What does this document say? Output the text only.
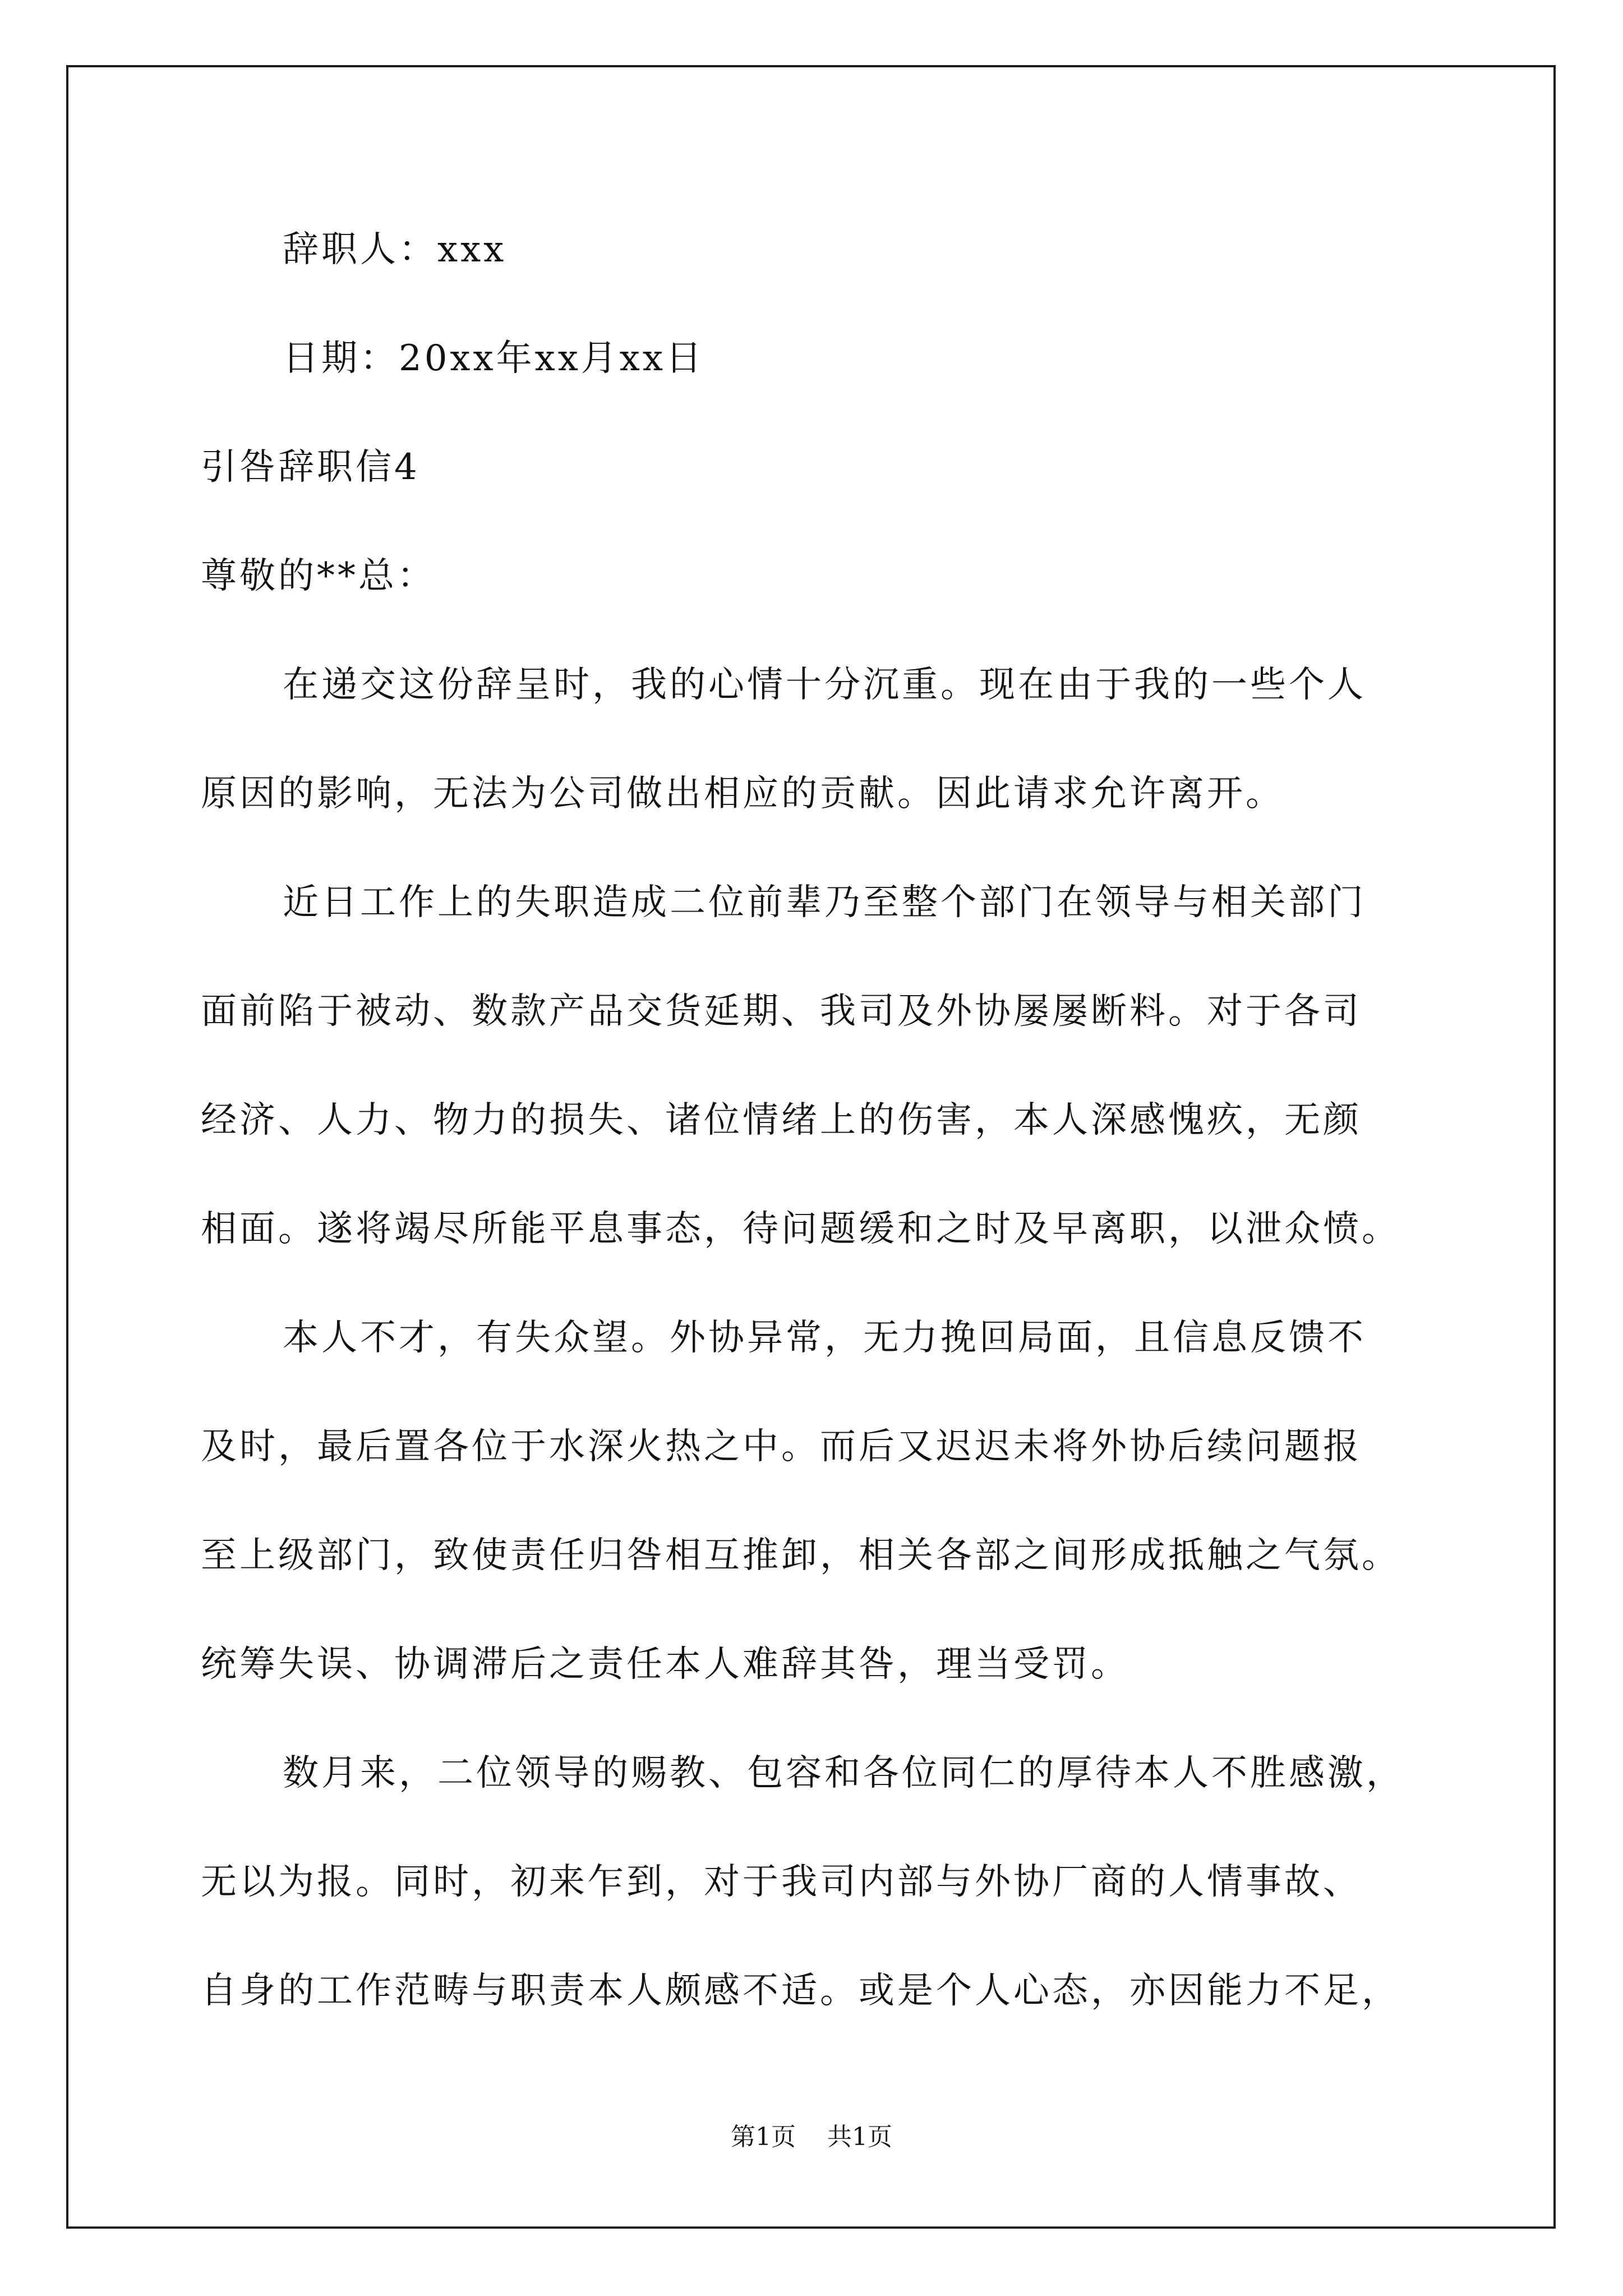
辞职人：xxx

日期：20xx年xx月xx日

引咎辞职信4

尊敬的**总：

在递交这份辞呈时，我的心情十分沉重。现在由于我的一些个人

原因的影响，无法为公司做出相应的贡献。因此请求允许离开。

近日工作上的失职造成二位前辈乃至整个部门在领导与相关部门

面前陷于被动、数款产品交货延期、我司及外协屡屡断料。对于各司

经济、人力、物力的损失、诸位情绪上的伤害，本人深感愧疚，无颜

相面。遂将竭尽所能平息事态，待问题缓和之时及早离职，以泄众愤。

本人不才，有失众望。外协异常，无力挽回局面，且信息反馈不

及时，最后置各位于水深火热之中。而后又迟迟未将外协后续问题报

至上级部门，致使责任归咎相互推卸，相关各部之间形成抵触之气氛。

统筹失误、协调滞后之责任本人难辞其咎，理当受罚。

数月来，二位领导的赐教、包容和各位同仁的厚待本人不胜感激，

无以为报。同时，初来乍到，对于我司内部与外协厂商的人情事故、

自身的工作范畴与职责本人颇感不适。或是个人心态，亦因能力不足，

第1页 共1页
